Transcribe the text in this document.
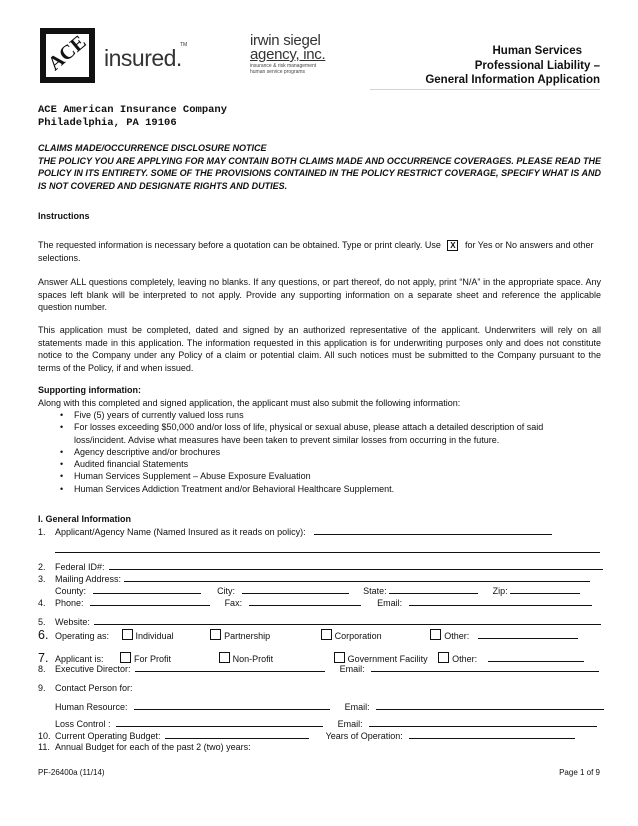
ACE insured.
TM	irwin siegel
agency, inc.
insurance & risk management
human service programs
Human Services
Professional Liability –
General Information Application
ACE American Insurance Company
Philadelphia, PA 19106
CLAIMS MADE/OCCURRENCE DISCLOSURE NOTICE
THE POLICY YOU ARE APPLYING FOR MAY CONTAIN BOTH CLAIMS MADE AND OCCURRENCE COVERAGES. PLEASE READ THE POLICY IN ITS ENTIRETY. SOME OF THE PROVISIONS CONTAINED IN THE POLICY RESTRICT COVERAGE, SPECIFY WHAT IS AND IS NOT COVERED AND DESIGNATE RIGHTS AND DUTIES.
Instructions
The requested information is necessary before a quotation can be obtained. Type or print clearly. Use X for Yes or No answers and other selections.
Answer ALL questions completely, leaving no blanks. If any questions, or part thereof, do not apply, print “N/A” in the appropriate space. Any spaces left blank will be interpreted to not apply. Provide any supporting information on a separate sheet and reference the applicable question number.
This application must be completed, dated and signed by an authorized representative of the applicant. Underwriters will rely on all statements made in this application. The information requested in this application is for underwriting purposes only and does not constitute notice to the Company under any Policy of a claim or potential claim. All such notices must be submitted to the Company pursuant to the terms of the Policy, if and when issued.
Supporting information:
Along with this completed and signed application, the applicant must also submit the following information:
• Five (5) years of currently valued loss runs
• For losses exceeding $50,000 and/or loss of life, physical or sexual abuse, please attach a detailed description of said loss/incident. Advise what measures have been taken to prevent similar losses from occurring in the future.
• Agency descriptive and/or brochures
• Audited financial Statements
• Human Services Supplement – Abuse Exposure Evaluation
• Human Services Addiction Treatment and/or Behavioral Healthcare Supplement.
I. General Information
1. Applicant/Agency Name (Named Insured as it reads on policy):
2. Federal ID#:
3. Mailing Address:
County:	City:	State:	Zip:
4. Phone:	Fax:	Email:
5. Website:
6. Operating as:	Individual	Partnership	Corporation	Other:
7. Applicant is:	For Profit	Non-Profit	Government Facility	Other:
8. Executive Director:	Email:
9. Contact Person for:
Human Resource:	Email:
Loss Control :	Email:
10. Current Operating Budget:	Years of Operation:
11. Annual Budget for each of the past 2 (two) years:
PF-26400a (11/14)	Page 1 of 9
